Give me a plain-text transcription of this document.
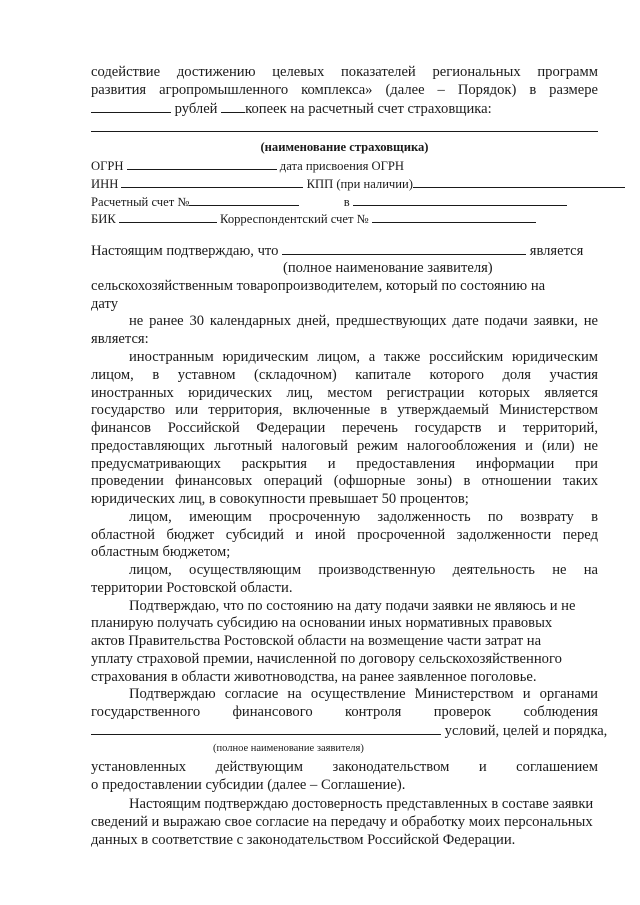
содействие достижению целевых показателей региональных программ
развития агропромышленного комплекса» (далее – Порядок) в размере
рублей копеек на расчетный счет страховщика:
(наименование страховщика)
ОГРН	дата присвоения ОГРН
ИНН	КПП (при наличии)
Расчетный счет №	в
БИК	Корреспондентский счет №
Настоящим подтверждаю, что	является
(полное наименование заявителя)
сельскохозяйственным товаропроизводителем, который по состоянию на
дату
не ранее 30 календарных дней, предшествующих дате подачи заявки, не
является:
иностранным юридическим лицом, а также российским юридическим
лицом, в уставном (складочном) капитале которого доля участия
иностранных юридических лиц, местом регистрации которых является
государство или территория, включенные в утверждаемый Министерством
финансов Российской Федерации перечень государств и территорий,
предоставляющих льготный налоговый режим налогообложения и (или) не
предусматривающих раскрытия и предоставления информации при
проведении финансовых операций (офшорные зоны) в отношении таких
юридических лиц, в совокупности превышает 50 процентов;
лицом, имеющим просроченную задолженность по возврату в
областной бюджет субсидий и иной просроченной задолженности перед
областным бюджетом;
лицом, осуществляющим производственную деятельность не на
территории Ростовской области.
Подтверждаю, что по состоянию на дату подачи заявки не являюсь и не
планирую получать субсидию на основании иных нормативных правовых
актов Правительства Ростовской области на возмещение части затрат на
уплату страховой премии, начисленной по договору сельскохозяйственного
страхования в области животноводства, на ранее заявленное поголовье.
Подтверждаю согласие на осуществление Министерством и органами
государственного финансового контроля проверок соблюдения
условий, целей и порядка,
(полное наименование заявителя)
установленных действующим законодательством и соглашением
о предоставлении субсидии (далее – Соглашение).
Настоящим подтверждаю достоверность представленных в составе заявки
сведений и выражаю свое согласие на передачу и обработку моих персональных
данных в соответствие с законодательством Российской Федерации.
